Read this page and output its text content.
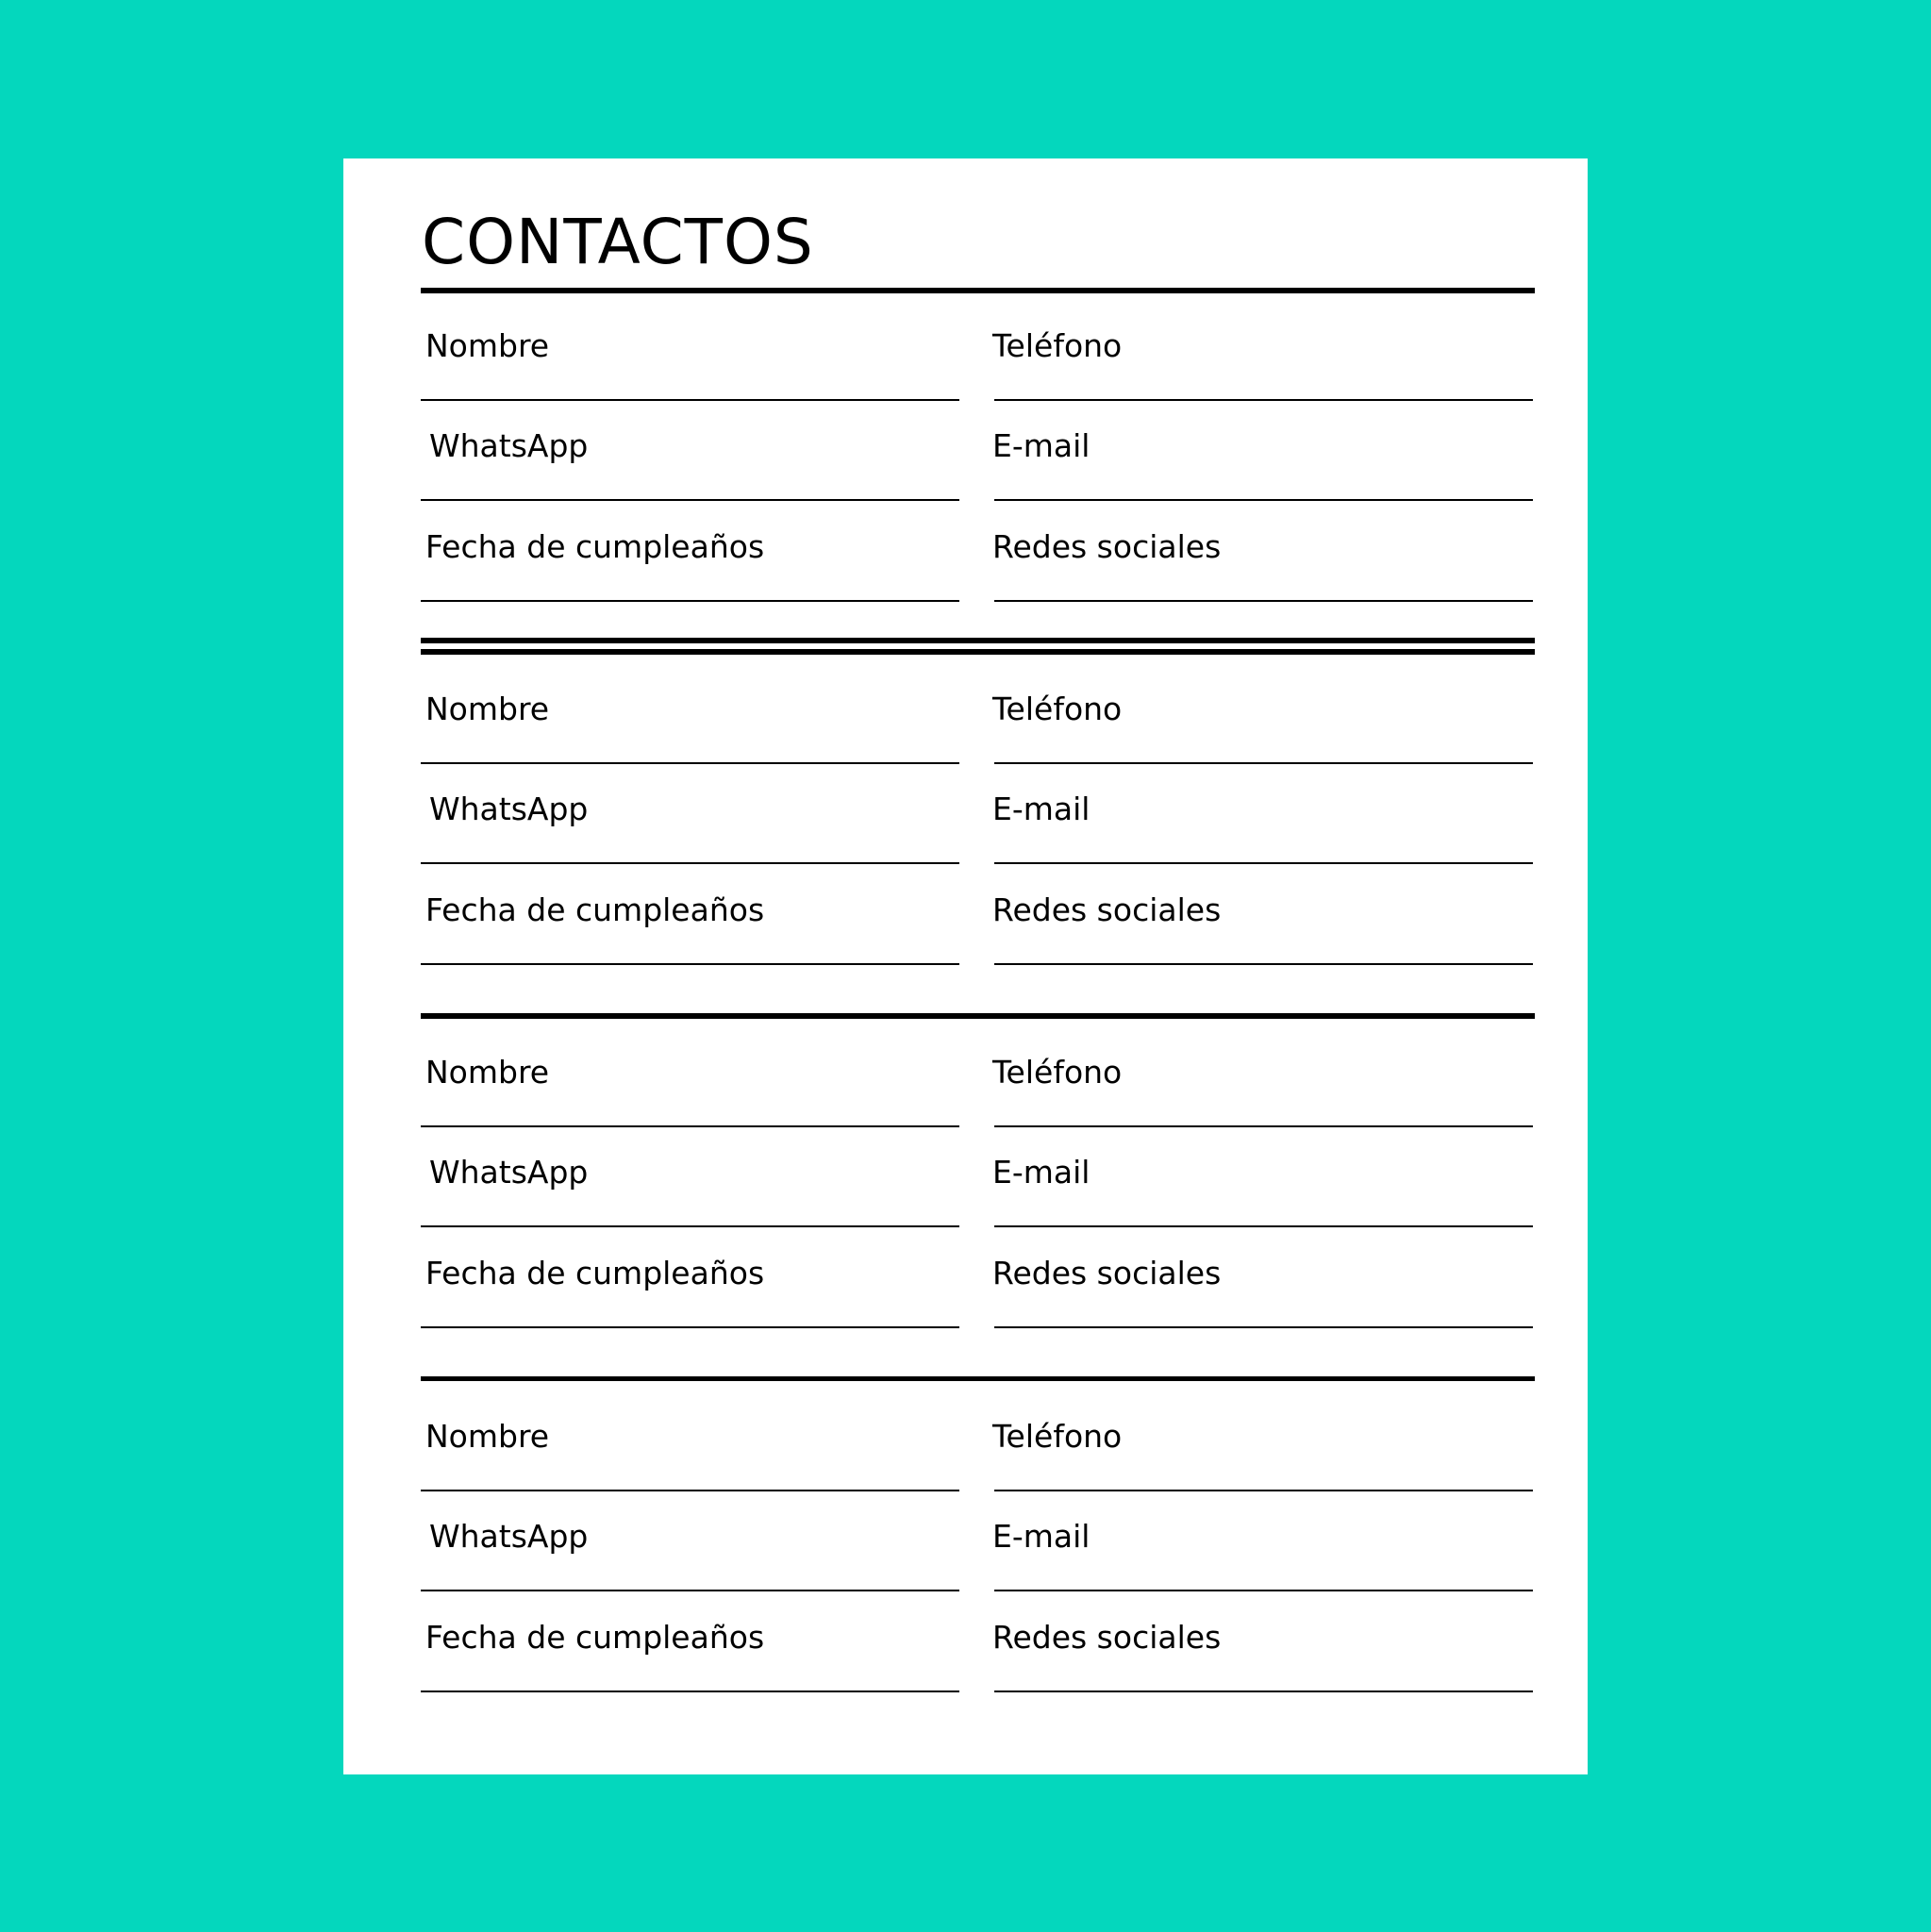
CONTACTOS
Nombre	Teléfono
WhatsApp	E-mail
Fecha de cumpleaños	Redes sociales
Nombre	Teléfono
WhatsApp	E-mail
Fecha de cumpleaños	Redes sociales
Nombre	Teléfono
WhatsApp	E-mail
Fecha de cumpleaños	Redes sociales
Nombre	Teléfono
WhatsApp	E-mail
Fecha de cumpleaños	Redes sociales
